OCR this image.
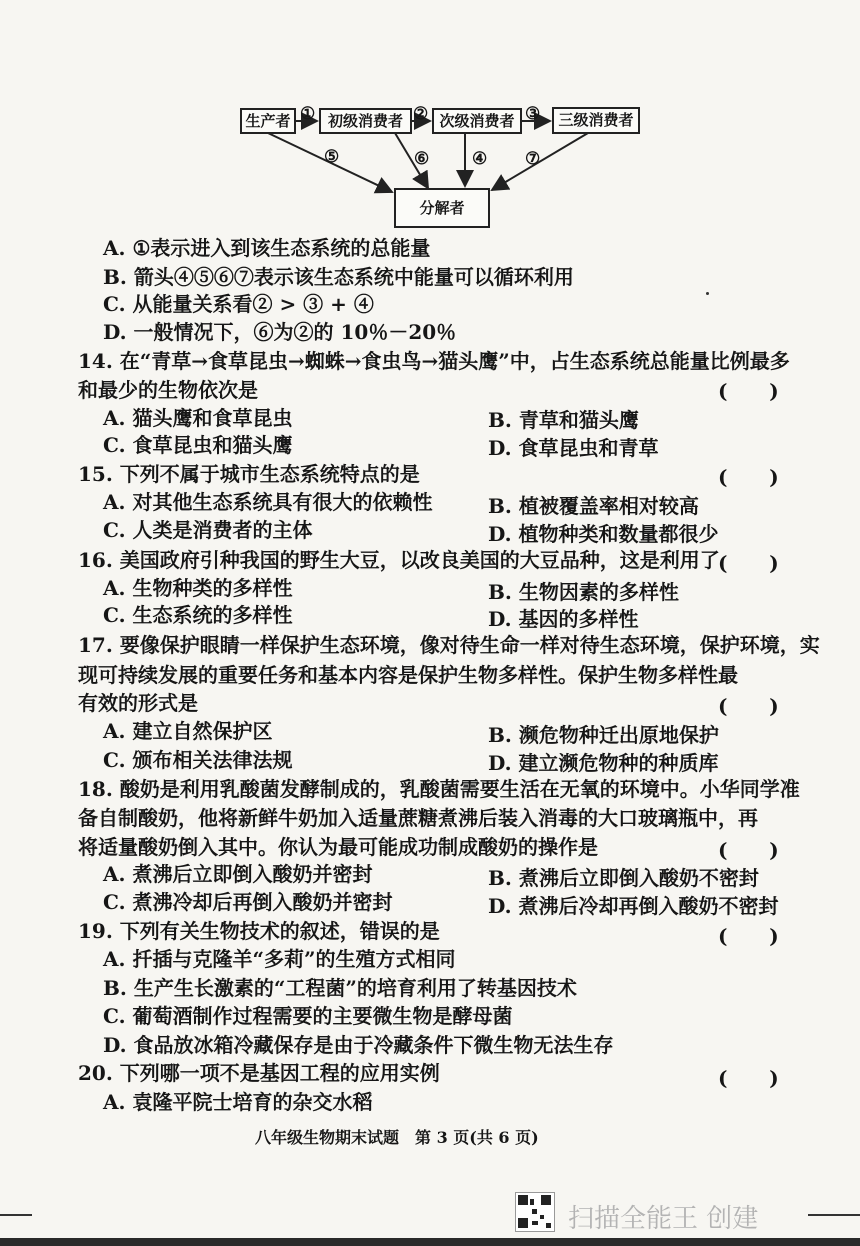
生产者	初级消费者	次级消费者	三级消费者
分解者
①	②	③
⑤	⑥	④ ⑦
A. ①表示进入到该生态系统的总能量
B. 箭头④⑤⑥⑦表示该生态系统中能量可以循环利用
C. 从能量关系看② > ③ + ④
D. 一般情况下，⑥为②的 10％－20％
14. 在“青草→食草昆虫→蜘蛛→食虫鸟→猫头鹰”中，占生态系统总能量比例最多
和最少的生物依次是	(      )
A. 猫头鹰和食草昆虫	B. 青草和猫头鹰
C. 食草昆虫和猫头鹰	D. 食草昆虫和青草
15. 下列不属于城市生态系统特点的是	(      )
A. 对其他生态系统具有很大的依赖性	B. 植被覆盖率相对较高
C. 人类是消费者的主体	D. 植物种类和数量都很少
16. 美国政府引种我国的野生大豆，以改良美国的大豆品种，这是利用了
(      )
A. 生物种类的多样性	B. 生物因素的多样性
C. 生态系统的多样性	D. 基因的多样性
17. 要像保护眼睛一样保护生态环境，像对待生命一样对待生态环境，保护环境，实
现可持续发展的重要任务和基本内容是保护生物多样性。保护生物多样性最
有效的形式是	(      )
A. 建立自然保护区	B. 濒危物种迁出原地保护
C. 颁布相关法律法规	D. 建立濒危物种的种质库
18. 酸奶是利用乳酸菌发酵制成的，乳酸菌需要生活在无氧的环境中。小华同学准
备自制酸奶，他将新鲜牛奶加入适量蔗糖煮沸后装入消毒的大口玻璃瓶中，再
将适量酸奶倒入其中。你认为最可能成功制成酸奶的操作是	(      )
A. 煮沸后立即倒入酸奶并密封	B. 煮沸后立即倒入酸奶不密封
C. 煮沸冷却后再倒入酸奶并密封	D. 煮沸后冷却再倒入酸奶不密封
19. 下列有关生物技术的叙述，错误的是	(      )
A. 扦插与克隆羊“多莉”的生殖方式相同
B. 生产生长激素的“工程菌”的培育利用了转基因技术
C. 葡萄酒制作过程需要的主要微生物是酵母菌
D. 食品放冰箱冷藏保存是由于冷藏条件下微生物无法生存
20. 下列哪一项不是基因工程的应用实例	(      )
A. 袁隆平院士培育的杂交水稻
八年级生物期末试题　第 3 页(共 6 页)
扫描全能王 创建
